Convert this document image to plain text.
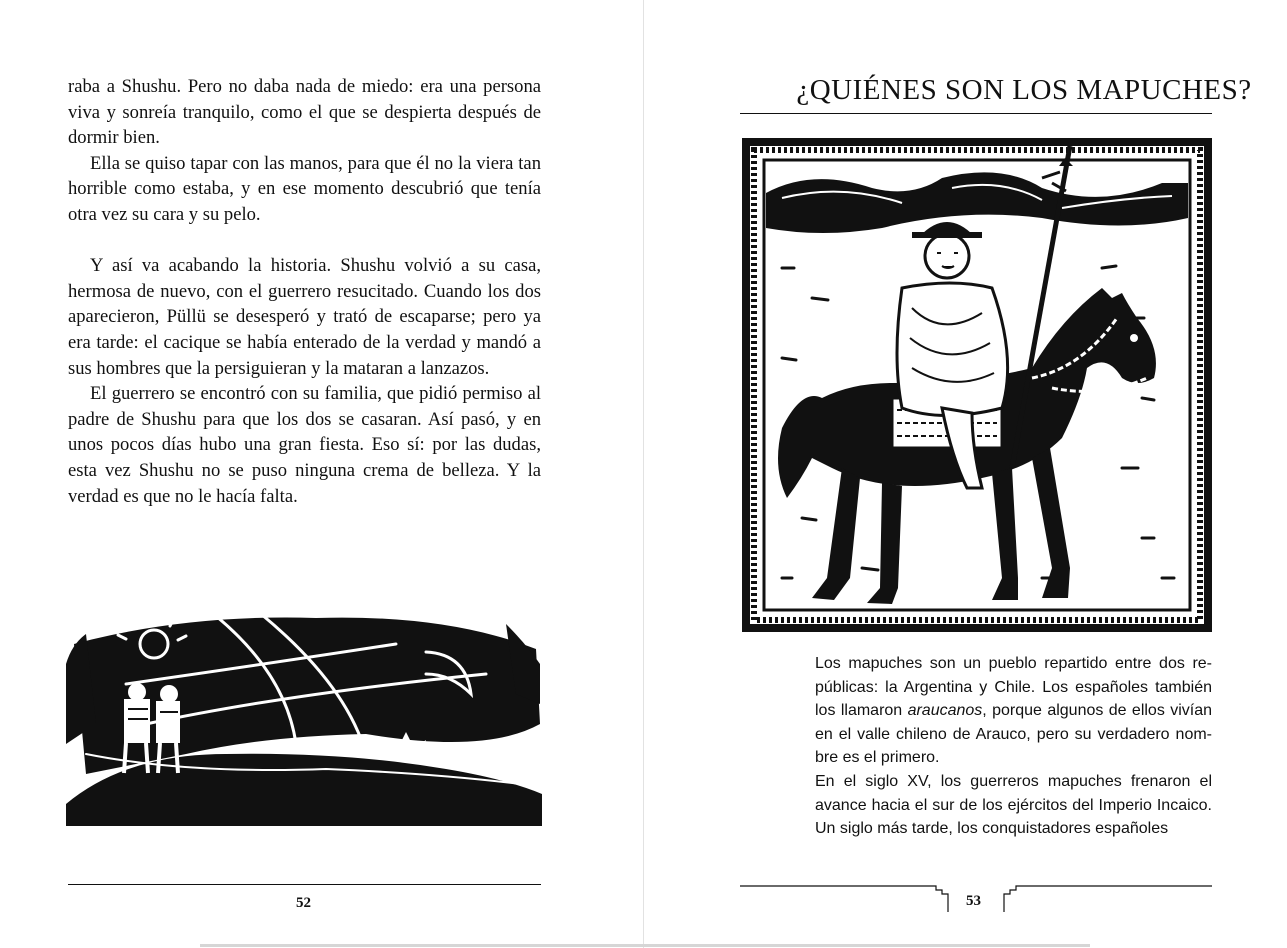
raba a Shushu. Pero no daba nada de miedo: era una persona viva y sonreía tranquilo, como el que se despierta después de dormir bien.

Ella se quiso tapar con las manos, para que él no la viera tan horrible como estaba, y en ese momento descubrió que tenía otra vez su cara y su pelo.

Y así va acabando la historia. Shushu volvió a su casa, hermosa de nuevo, con el guerrero resucitado. Cuando los dos aparecieron, Püllü se desesperó y trató de escaparse; pero ya era tarde: el cacique se había enterado de la verdad y mandó a sus hombres que la persiguieran y la mataran a lanzazos.

El guerrero se encontró con su familia, que pidió permiso al padre de Shushu para que los dos se casaran. Así pasó, y en unos pocos días hubo una gran fiesta. Eso sí: por las dudas, esta vez Shushu no se puso ninguna crema de belleza. Y la verdad es que no le hacía falta.

52
¿QUIÉNES SON LOS MAPUCHES?

Los mapuches son un pueblo repartido entre dos repúblicas: la Argentina y Chile. Los españoles también los llamaron araucanos, porque algunos de ellos vivían en el valle chileno de Arauco, pero su verdadero nombre es el primero.

En el siglo XV, los guerreros mapuches frenaron el avance hacia el sur de los ejércitos del Imperio Incaico. Un siglo más tarde, los conquistadores españoles

53
